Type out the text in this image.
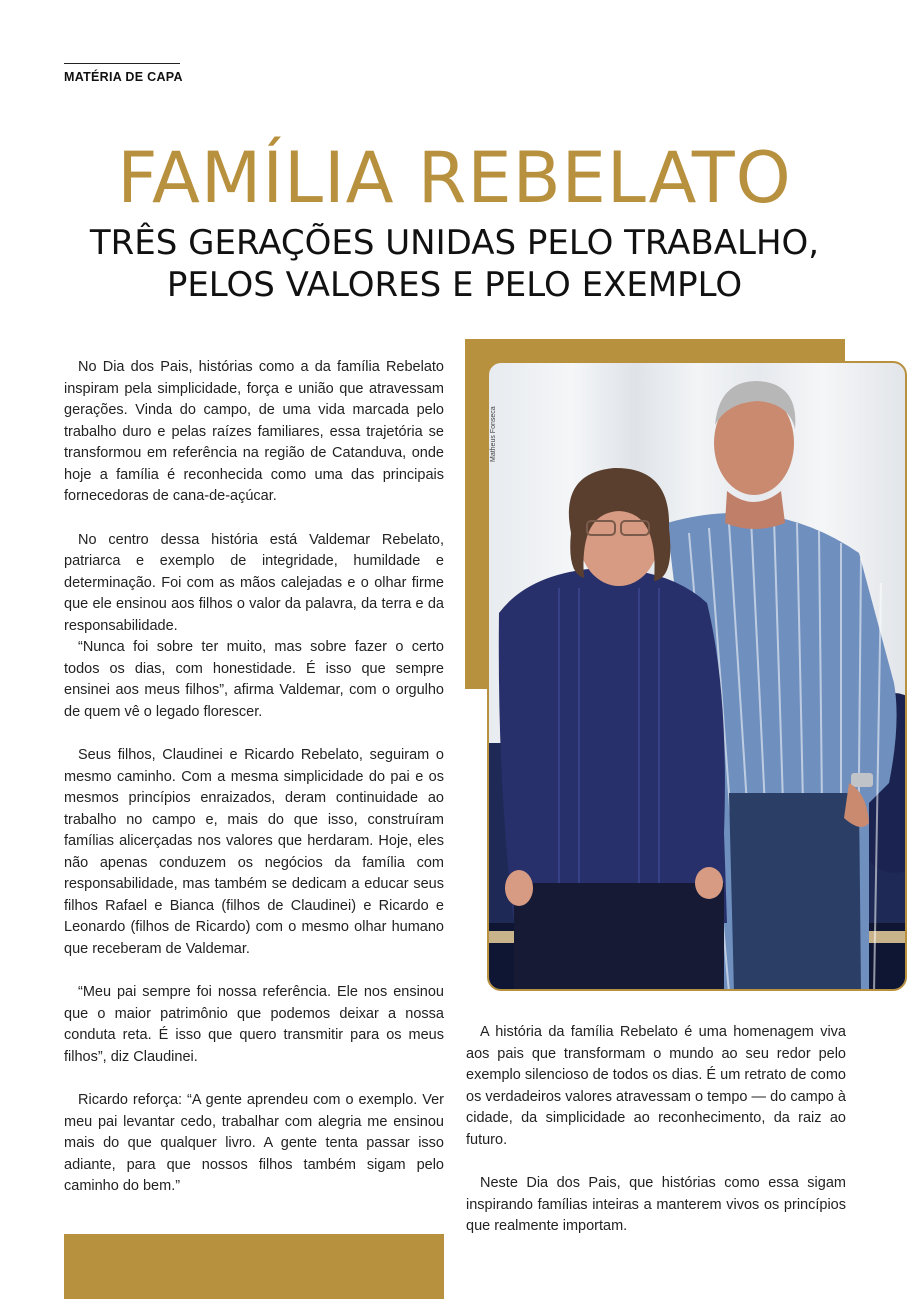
MATÉRIA DE CAPA
FAMÍLIA REBELATO
TRÊS GERAÇÕES UNIDAS PELO TRABALHO,
PELOS VALORES E PELO EXEMPLO

No Dia dos Pais, histórias como a da família Rebelato inspiram pela simplicidade, força e união que atravessam gerações. Vinda do campo, de uma vida marcada pelo trabalho duro e pelas raízes familiares, essa trajetória se transformou em referência na região de Catanduva, onde hoje a família é reconhecida como uma das principais fornecedoras de cana-de-açúcar.

No centro dessa história está Valdemar Rebelato, patriarca e exemplo de integridade, humildade e determinação. Foi com as mãos calejadas e o olhar firme que ele ensinou aos filhos o valor da palavra, da terra e da responsabilidade.

“Nunca foi sobre ter muito, mas sobre fazer o certo todos os dias, com honestidade. É isso que sempre ensinei aos meus filhos”, afirma Valdemar, com o orgulho de quem vê o legado florescer.

Seus filhos, Claudinei e Ricardo Rebelato, seguiram o mesmo caminho. Com a mesma simplicidade do pai e os mesmos princípios enraizados, deram continuidade ao trabalho no campo e, mais do que isso, construíram famílias alicerçadas nos valores que herdaram. Hoje, eles não apenas conduzem os negócios da família com responsabilidade, mas também se dedicam a educar seus filhos Rafael e Bianca (filhos de Claudinei) e Ricardo e Leonardo (filhos de Ricardo) com o mesmo olhar humano que receberam de Valdemar.

“Meu pai sempre foi nossa referência. Ele nos ensinou que o maior patrimônio que podemos deixar a nossa conduta reta. É isso que quero transmitir para os meus filhos”, diz Claudinei.

Ricardo reforça: “A gente aprendeu com o exemplo. Ver meu pai levantar cedo, trabalhar com alegria me ensinou mais do que qualquer livro. A gente tenta passar isso adiante, para que nossos filhos também sigam pelo caminho do bem.”

Matheus Fonseca

A história da família Rebelato é uma homenagem viva aos pais que transformam o mundo ao seu redor pelo exemplo silencioso de todos os dias. É um retrato de como os verdadeiros valores atravessam o tempo — do campo à cidade, da simplicidade ao reconhecimento, da raiz ao futuro.

Neste Dia dos Pais, que histórias como essa sigam inspirando famílias inteiras a manterem vivos os princípios que realmente importam.
